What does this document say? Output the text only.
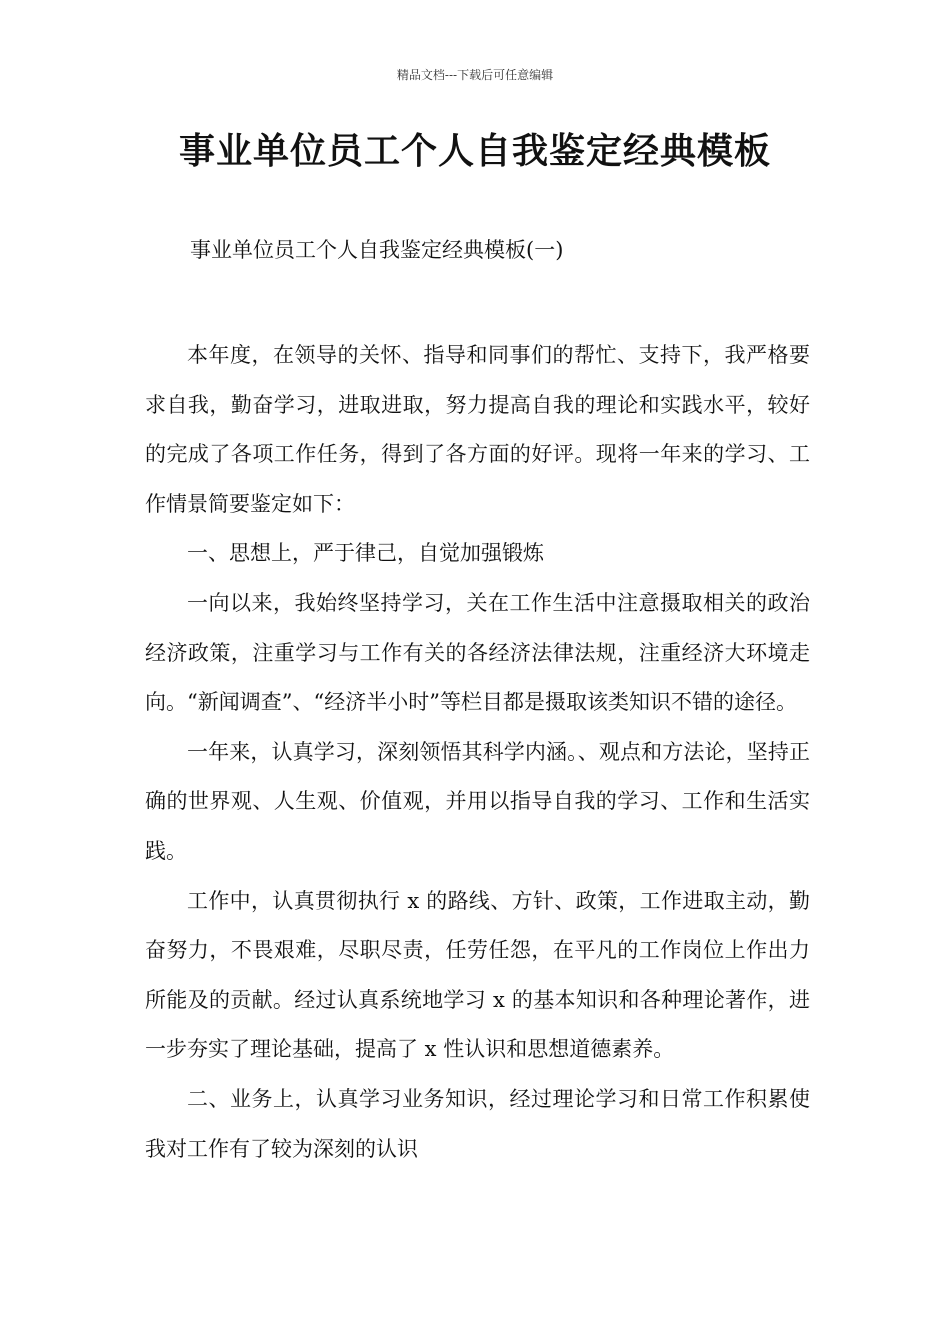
精品文档---下载后可任意编辑
事业单位员工个人自我鉴定经典模板

事业单位员工个人自我鉴定经典模板(一)

本年度，在领导的关怀、指导和同事们的帮忙、支持下，我严格要求自我，勤奋学习，进取进取，努力提高自我的理论和实践水平，较好的完成了各项工作任务，得到了各方面的好评。现将一年来的学习、工作情景简要鉴定如下：

一、思想上，严于律己，自觉加强锻炼

一向以来，我始终坚持学习，关在工作生活中注意摄取相关的政治经济政策，注重学习与工作有关的各经济法律法规，注重经济大环境走向。“新闻调查”、“经济半小时”等栏目都是摄取该类知识不错的途径。

一年来，认真学习，深刻领悟其科学内涵。、观点和方法论，坚持正确的世界观、人生观、价值观，并用以指导自我的学习、工作和生活实践。

工作中，认真贯彻执行 x 的路线、方针、政策，工作进取主动，勤奋努力，不畏艰难，尽职尽责，任劳任怨，在平凡的工作岗位上作出力所能及的贡献。经过认真系统地学习 x 的基本知识和各种理论著作，进一步夯实了理论基础，提高了 x 性认识和思想道德素养。

二、业务上，认真学习业务知识，经过理论学习和日常工作积累使我对工作有了较为深刻的认识
